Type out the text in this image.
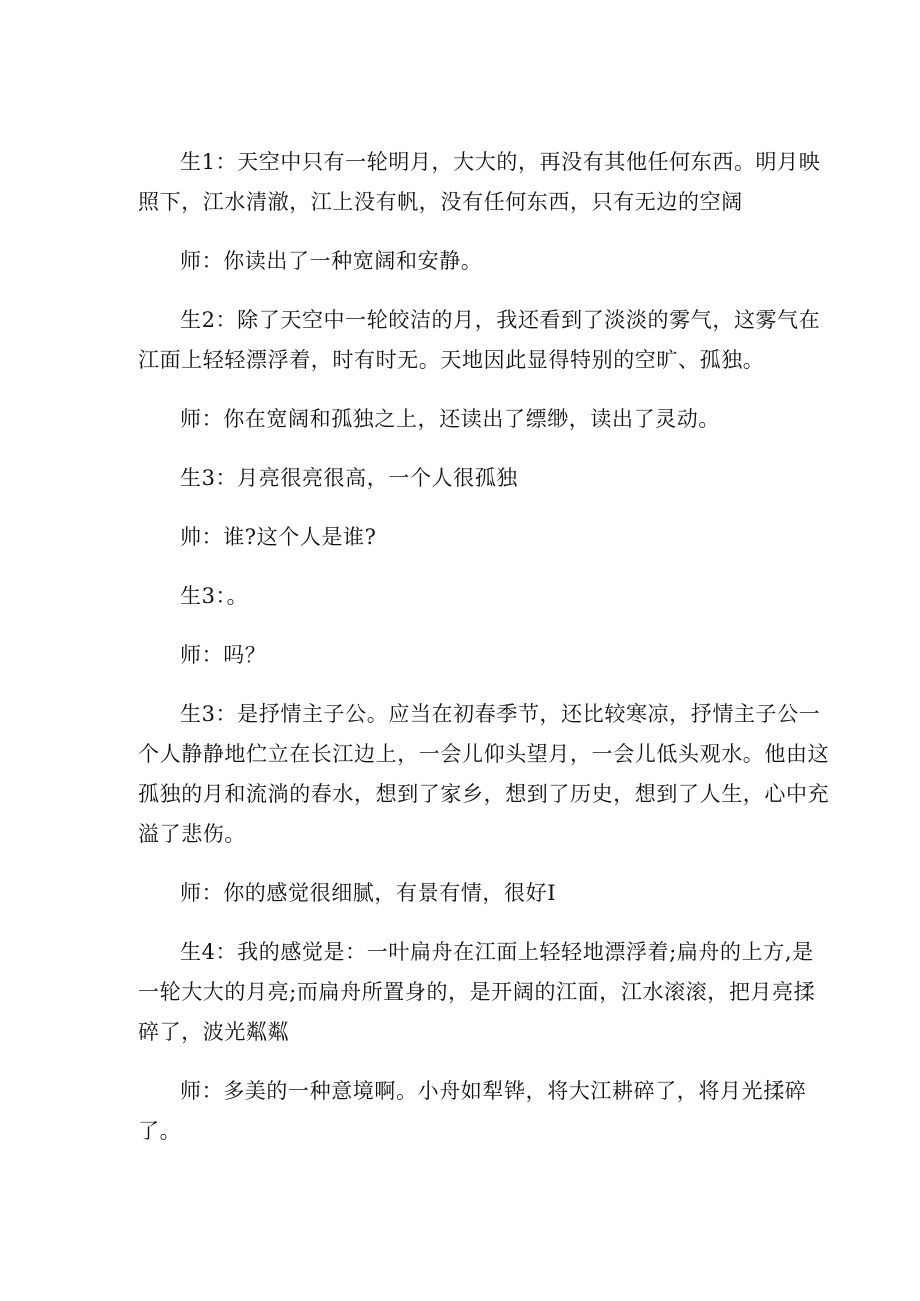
生1：天空中只有一轮明月，大大的，再没有其他任何东西。明月映照下，江水清澈，江上没有帆，没有任何东西，只有无边的空阔

师：你读出了一种宽阔和安静。

生2：除了天空中一轮皎洁的月，我还看到了淡淡的雾气，这雾气在江面上轻轻漂浮着，时有时无。天地因此显得特别的空旷、孤独。

师：你在宽阔和孤独之上，还读出了缥缈，读出了灵动。

生3：月亮很亮很高，一个人很孤独

帅：谁?这个人是谁?

生3：。

师：吗？

生3：是抒情主子公。应当在初春季节，还比较寒凉，抒情主子公一个人静静地伫立在长江边上，一会儿仰头望月，一会儿低头观水。他由这孤独的月和流淌的春水，想到了家乡，想到了历史，想到了人生，心中充溢了悲伤。

师：你的感觉很细腻，有景有情，很好I

生4：我的感觉是：一叶扁舟在江面上轻轻地漂浮着;扁舟的上方,是一轮大大的月亮;而扁舟所置身的，是开阔的江面，江水滚滚，把月亮揉碎了，波光粼粼

师：多美的一种意境啊。小舟如犁铧，将大江耕碎了，将月光揉碎了。
